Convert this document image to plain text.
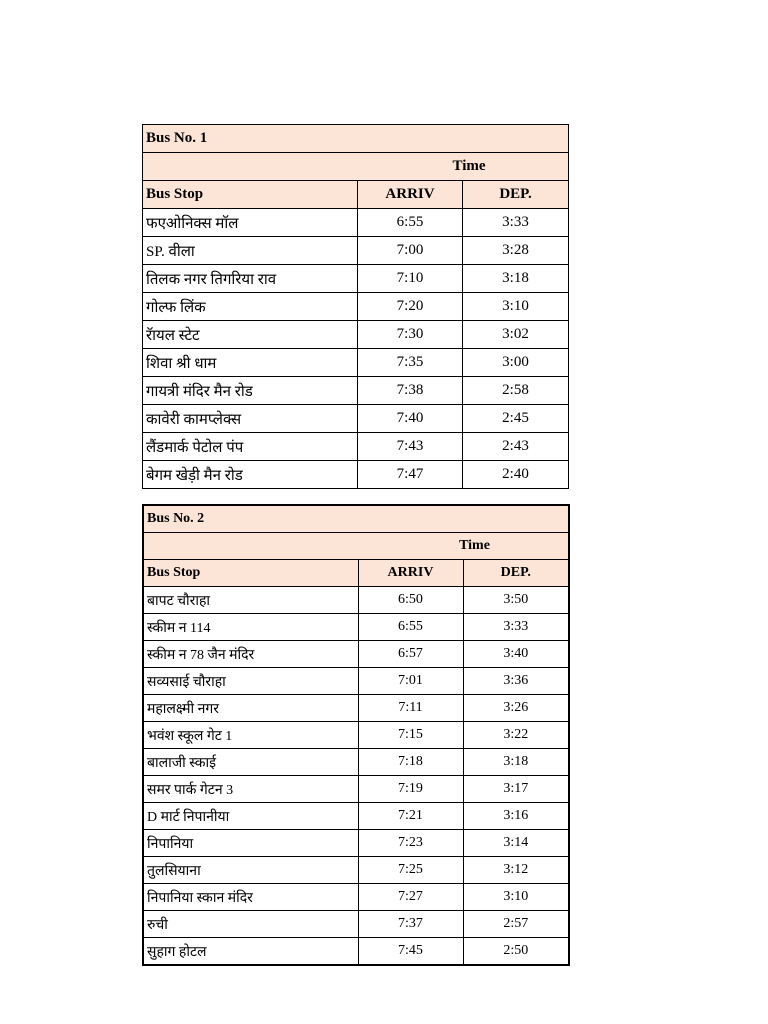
Bus No. 1		
Time		
Bus Stop	ARRIV	DEP.
फएओनिक्स मॉल	6:55	3:33
SP. वीला	7:00	3:28
तिलक नगर तिगरिया राव	7:10	3:18
गोल्फ लिंक	7:20	3:10
रॅायल स्टेट	7:30	3:02
शिवा श्री धाम	7:35	3:00
गायत्री मंदिर मैन रोड	7:38	2:58
कावेरी कामप्लेक्स	7:40	2:45
लैंडमार्क पेटोल पंप	7:43	2:43
बेगम खेड़ी मैन रोड	7:47	2:40
Bus No. 2		
Time		
Bus Stop	ARRIV	DEP.
बापट चौराहा	6:50	3:50
स्कीम न 114	6:55	3:33
स्कीम न 78 जैन मंदिर	6:57	3:40
सव्यसाई चौराहा	7:01	3:36
महालक्ष्मी नगर	7:11	3:26
भवंश स्कूल गेट 1	7:15	3:22
बालाजी स्काई	7:18	3:18
समर पार्क गेटन 3	7:19	3:17
D मार्ट निपानीया	7:21	3:16
निपानिया	7:23	3:14
तुलसियाना	7:25	3:12
निपानिया स्कान मंदिर	7:27	3:10
रुची	7:37	2:57
सुहाग होटल	7:45	2:50
